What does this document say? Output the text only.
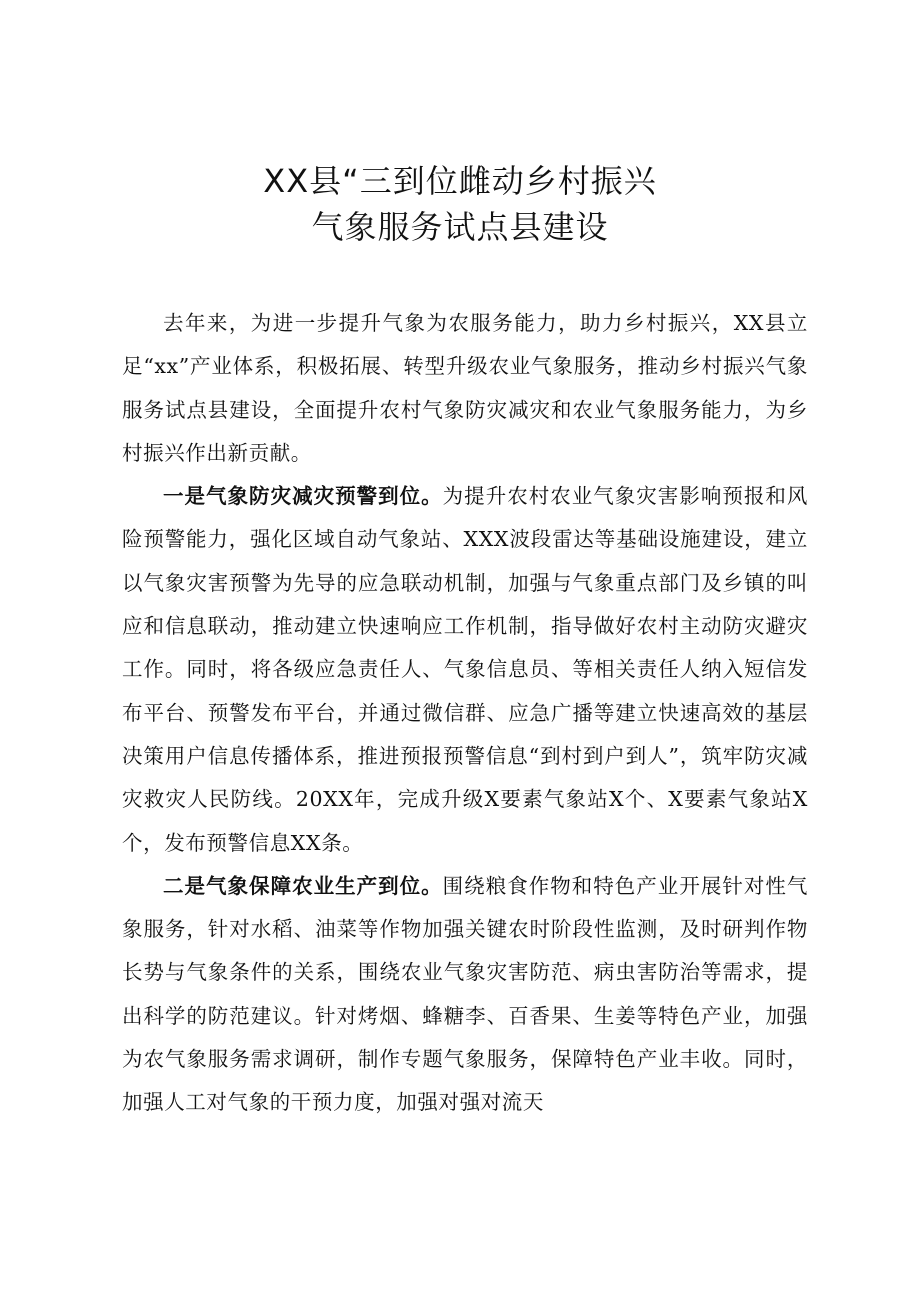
XX县“三到位雌动乡村振兴
气象服务试点县建设

去年来，为进一步提升气象为农服务能力，助力乡村振兴，XX县立足“xx”产业体系，积极拓展、转型升级农业气象服务，推动乡村振兴气象服务试点县建设，全面提升农村气象防灾减灾和农业气象服务能力，为乡村振兴作出新贡献。

一是气象防灾减灾预警到位。为提升农村农业气象灾害影响预报和风险预警能力，强化区域自动气象站、XXX波段雷达等基础设施建设，建立以气象灾害预警为先导的应急联动机制，加强与气象重点部门及乡镇的叫应和信息联动，推动建立快速响应工作机制，指导做好农村主动防灾避灾工作。同时，将各级应急责任人、气象信息员、等相关责任人纳入短信发布平台、预警发布平台，并通过微信群、应急广播等建立快速高效的基层决策用户信息传播体系，推进预报预警信息“到村到户到人”，筑牢防灾减灾救灾人民防线。20XX年，完成升级X要素气象站X个、X要素气象站X个，发布预警信息XX条。

二是气象保障农业生产到位。围绕粮食作物和特色产业开展针对性气象服务，针对水稻、油菜等作物加强关键农时阶段性监测，及时研判作物长势与气象条件的关系，围绕农业气象灾害防范、病虫害防治等需求，提出科学的防范建议。针对烤烟、蜂糖李、百香果、生姜等特色产业，加强为农气象服务需求调研，制作专题气象服务，保障特色产业丰收。同时，加强人工对气象的干预力度，加强对强对流天
